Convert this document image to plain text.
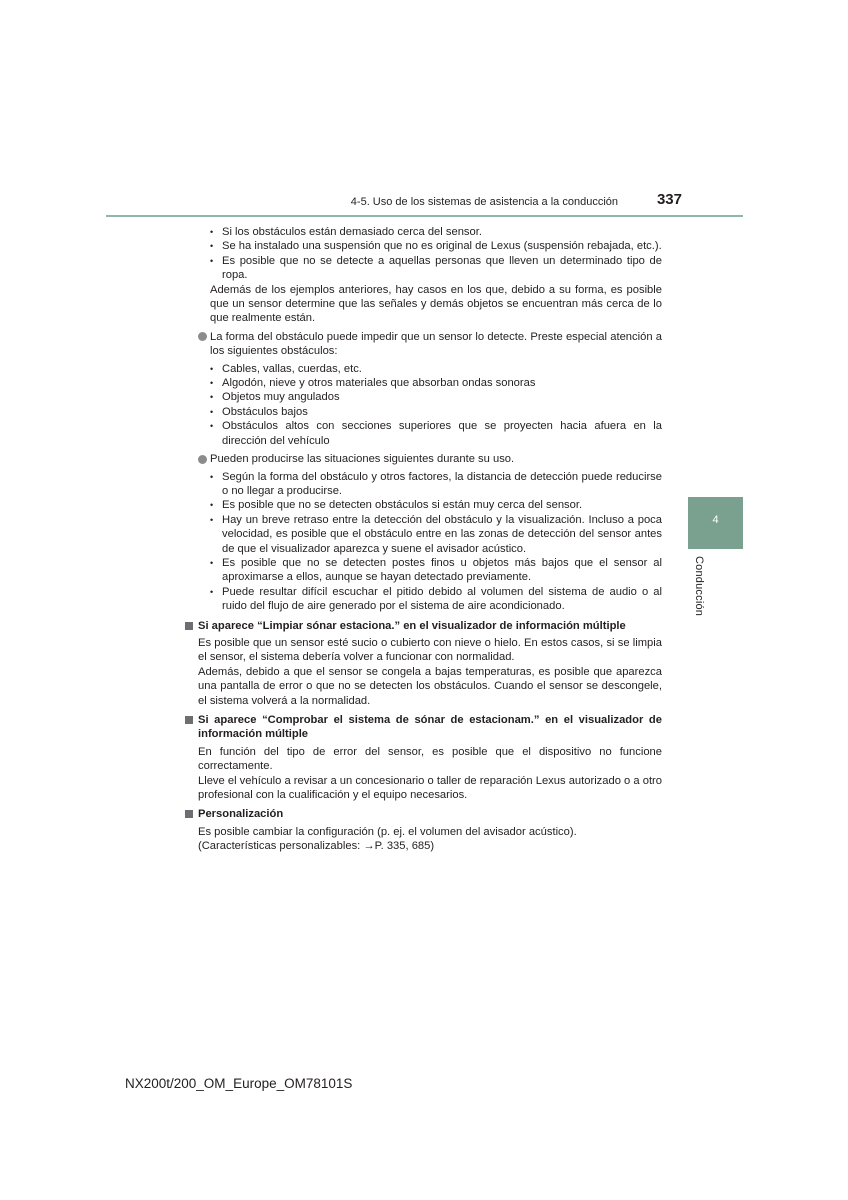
4-5. Uso de los sistemas de asistencia a la conducción	337
4
Conducción
• Si los obstáculos están demasiado cerca del sensor.
• Se ha instalado una suspensión que no es original de Lexus (suspensión rebajada, etc.).
• Es posible que no se detecte a aquellas personas que lleven un determinado tipo de ropa.
Además de los ejemplos anteriores, hay casos en los que, debido a su forma, es posible que un sensor determine que las señales y demás objetos se encuentran más cerca de lo que realmente están.
La forma del obstáculo puede impedir que un sensor lo detecte. Preste especial atención a los siguientes obstáculos:
• Cables, vallas, cuerdas, etc.
• Algodón, nieve y otros materiales que absorban ondas sonoras
• Objetos muy angulados
• Obstáculos bajos
• Obstáculos altos con secciones superiores que se proyecten hacia afuera en la dirección del vehículo
Pueden producirse las situaciones siguientes durante su uso.
• Según la forma del obstáculo y otros factores, la distancia de detección puede reducirse o no llegar a producirse.
• Es posible que no se detecten obstáculos si están muy cerca del sensor.
• Hay un breve retraso entre la detección del obstáculo y la visualización. Incluso a poca velocidad, es posible que el obstáculo entre en las zonas de detección del sensor antes de que el visualizador aparezca y suene el avisador acústico.
• Es posible que no se detecten postes finos u objetos más bajos que el sensor al aproximarse a ellos, aunque se hayan detectado previamente.
• Puede resultar difícil escuchar el pitido debido al volumen del sistema de audio o al ruido del flujo de aire generado por el sistema de aire acondicionado.
Si aparece “Limpiar sónar estaciona.” en el visualizador de información múltiple
Es posible que un sensor esté sucio o cubierto con nieve o hielo. En estos casos, si se limpia el sensor, el sistema debería volver a funcionar con normalidad.
Además, debido a que el sensor se congela a bajas temperaturas, es posible que aparezca una pantalla de error o que no se detecten los obstáculos. Cuando el sensor se descongele, el sistema volverá a la normalidad.
Si aparece “Comprobar el sistema de sónar de estacionam.” en el visualizador de información múltiple
En función del tipo de error del sensor, es posible que el dispositivo no funcione correctamente.
Lleve el vehículo a revisar a un concesionario o taller de reparación Lexus autorizado o a otro profesional con la cualificación y el equipo necesarios.
Personalización
Es posible cambiar la configuración (p. ej. el volumen del avisador acústico).
(Características personalizables: →P. 335, 685)
NX200t/200_OM_Europe_OM78101S
